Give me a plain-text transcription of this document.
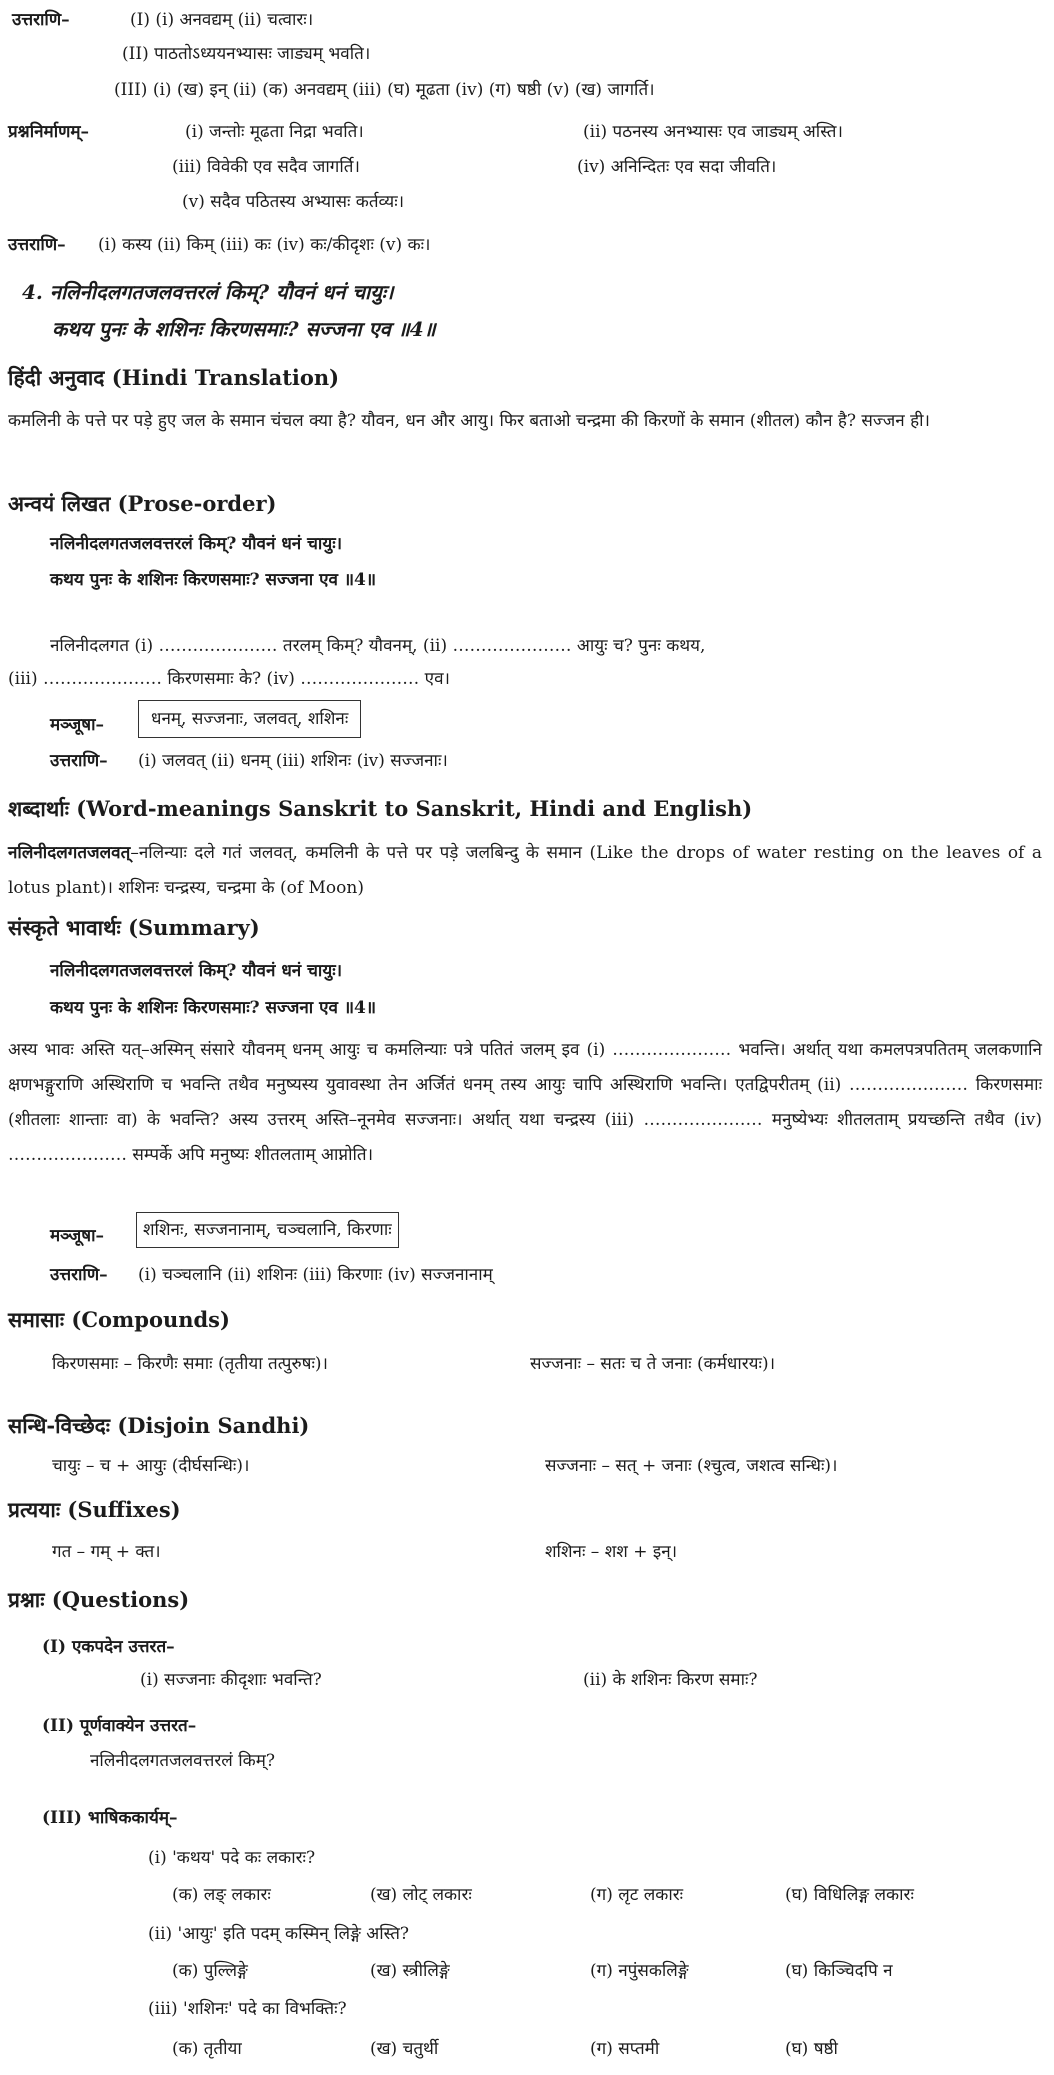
उत्तराणि–	(I) (i) अनवद्यम् (ii) चत्वारः।
(II) पाठतोऽध्ययनभ्यासः जाड्यम् भवति।
(III) (i) (ख) इन् (ii) (क) अनवद्यम् (iii) (घ) मूढता (iv) (ग) षष्ठी (v) (ख) जागर्ति।
प्रश्ननिर्माणम्–	(i) जन्तोः मूढता निद्रा भवति।	(ii) पठनस्य अनभ्यासः एव जाड्यम् अस्ति।
(iii) विवेकी एव सदैव जागर्ति।	(iv) अनिन्दितः एव सदा जीवति।
(v) सदैव पठितस्य अभ्यासः कर्तव्यः।
उत्तराणि– (i) कस्य (ii) किम् (iii) कः (iv) कः/कीदृशः (v) कः।
4. नलिनीदलगतजलवत्तरलं किम्? यौवनं धनं चायुः।
कथय पुनः के शशिनः किरणसमाः? सज्जना एव ॥4॥
हिंदी अनुवाद (Hindi Translation)
कमलिनी के पत्ते पर पड़े हुए जल के समान चंचल क्या है? यौवन, धन और आयु। फिर बताओ चन्द्रमा की किरणों के समान (शीतल) कौन है? सज्जन ही।
अन्वयं लिखत (Prose-order)
नलिनीदलगतजलवत्तरलं किम्? यौवनं धनं चायुः।
कथय पुनः के शशिनः किरणसमाः? सज्जना एव ॥4॥
नलिनीदलगत (i) ………………… तरलम् किम्? यौवनम्, (ii) ………………… आयुः च? पुनः कथय,
(iii) ………………… किरणसमाः के? (iv) ………………… एव।
मञ्जूषा–	धनम्, सज्जनाः, जलवत्, शशिनः
उत्तराणि– (i) जलवत् (ii) धनम् (iii) शशिनः (iv) सज्जनाः।
शब्दार्थाः (Word-meanings Sanskrit to Sanskrit, Hindi and English)
नलिनीदलगतजलवत्–नलिन्याः दले गतं जलवत्, कमलिनी के पत्ते पर पड़े जलबिन्दु के समान (Like the drops of water resting on the leaves of a lotus plant)। शशिनः चन्द्रस्य, चन्द्रमा के (of Moon)
संस्कृते भावार्थः (Summary)
नलिनीदलगतजलवत्तरलं किम्? यौवनं धनं चायुः।
कथय पुनः के शशिनः किरणसमाः? सज्जना एव ॥4॥
अस्य भावः अस्ति यत्–अस्मिन् संसारे यौवनम् धनम् आयुः च कमलिन्याः पत्रे पतितं जलम् इव (i) ………………… भवन्ति। अर्थात् यथा कमलपत्रपतितम् जलकणानि क्षणभङ्गुराणि अस्थिराणि च भवन्ति तथैव मनुष्यस्य युवावस्था तेन अर्जितं धनम् तस्य आयुः चापि अस्थिराणि भवन्ति। एतद्विपरीतम् (ii) ………………… किरणसमाः (शीतलाः शान्ताः वा) के भवन्ति? अस्य उत्तरम् अस्ति–नूनमेव सज्जनाः। अर्थात् यथा चन्द्रस्य (iii) ………………… मनुष्येभ्यः शीतलताम् प्रयच्छन्ति तथैव (iv) ………………… सम्पर्के अपि मनुष्यः शीतलताम् आप्नोति।
मञ्जूषा–	शशिनः, सज्जनानाम्, चञ्चलानि, किरणाः
उत्तराणि– (i) चञ्चलानि (ii) शशिनः (iii) किरणाः (iv) सज्जनानाम्
समासाः (Compounds)
किरणसमाः – किरणैः समाः (तृतीया तत्पुरुषः)।	सज्जनाः – सतः च ते जनाः (कर्मधारयः)।
सन्धि-विच्छेदः (Disjoin Sandhi)
चायुः – च + आयुः (दीर्घसन्धिः)।	सज्जनाः – सत् + जनाः (श्चुत्व, जशत्व सन्धिः)।
प्रत्ययाः (Suffixes)
गत – गम् + क्त।	शशिनः – शश + इन्।
प्रश्नाः (Questions)
(I) एकपदेन उत्तरत–
(i) सज्जनाः कीदृशाः भवन्ति?	(ii) के शशिनः किरण समाः?
(II) पूर्णवाक्येन उत्तरत–
नलिनीदलगतजलवत्तरलं किम्?
(III) भाषिककार्यम्–
(i) 'कथय' पदे कः लकारः?
(क) लङ् लकारः	(ख) लोट् लकारः	(ग) लृट लकारः	(घ) विधिलिङ्ग लकारः
(ii) 'आयुः' इति पदम् कस्मिन् लिङ्गे अस्ति?
(क) पुल्लिङ्गे	(ख) स्त्रीलिङ्गे	(ग) नपुंसकलिङ्गे	(घ) किञ्चिदपि न
(iii) 'शशिनः' पदे का विभक्तिः?
(क) तृतीया	(ख) चतुर्थी	(ग) सप्तमी	(घ) षष्ठी
